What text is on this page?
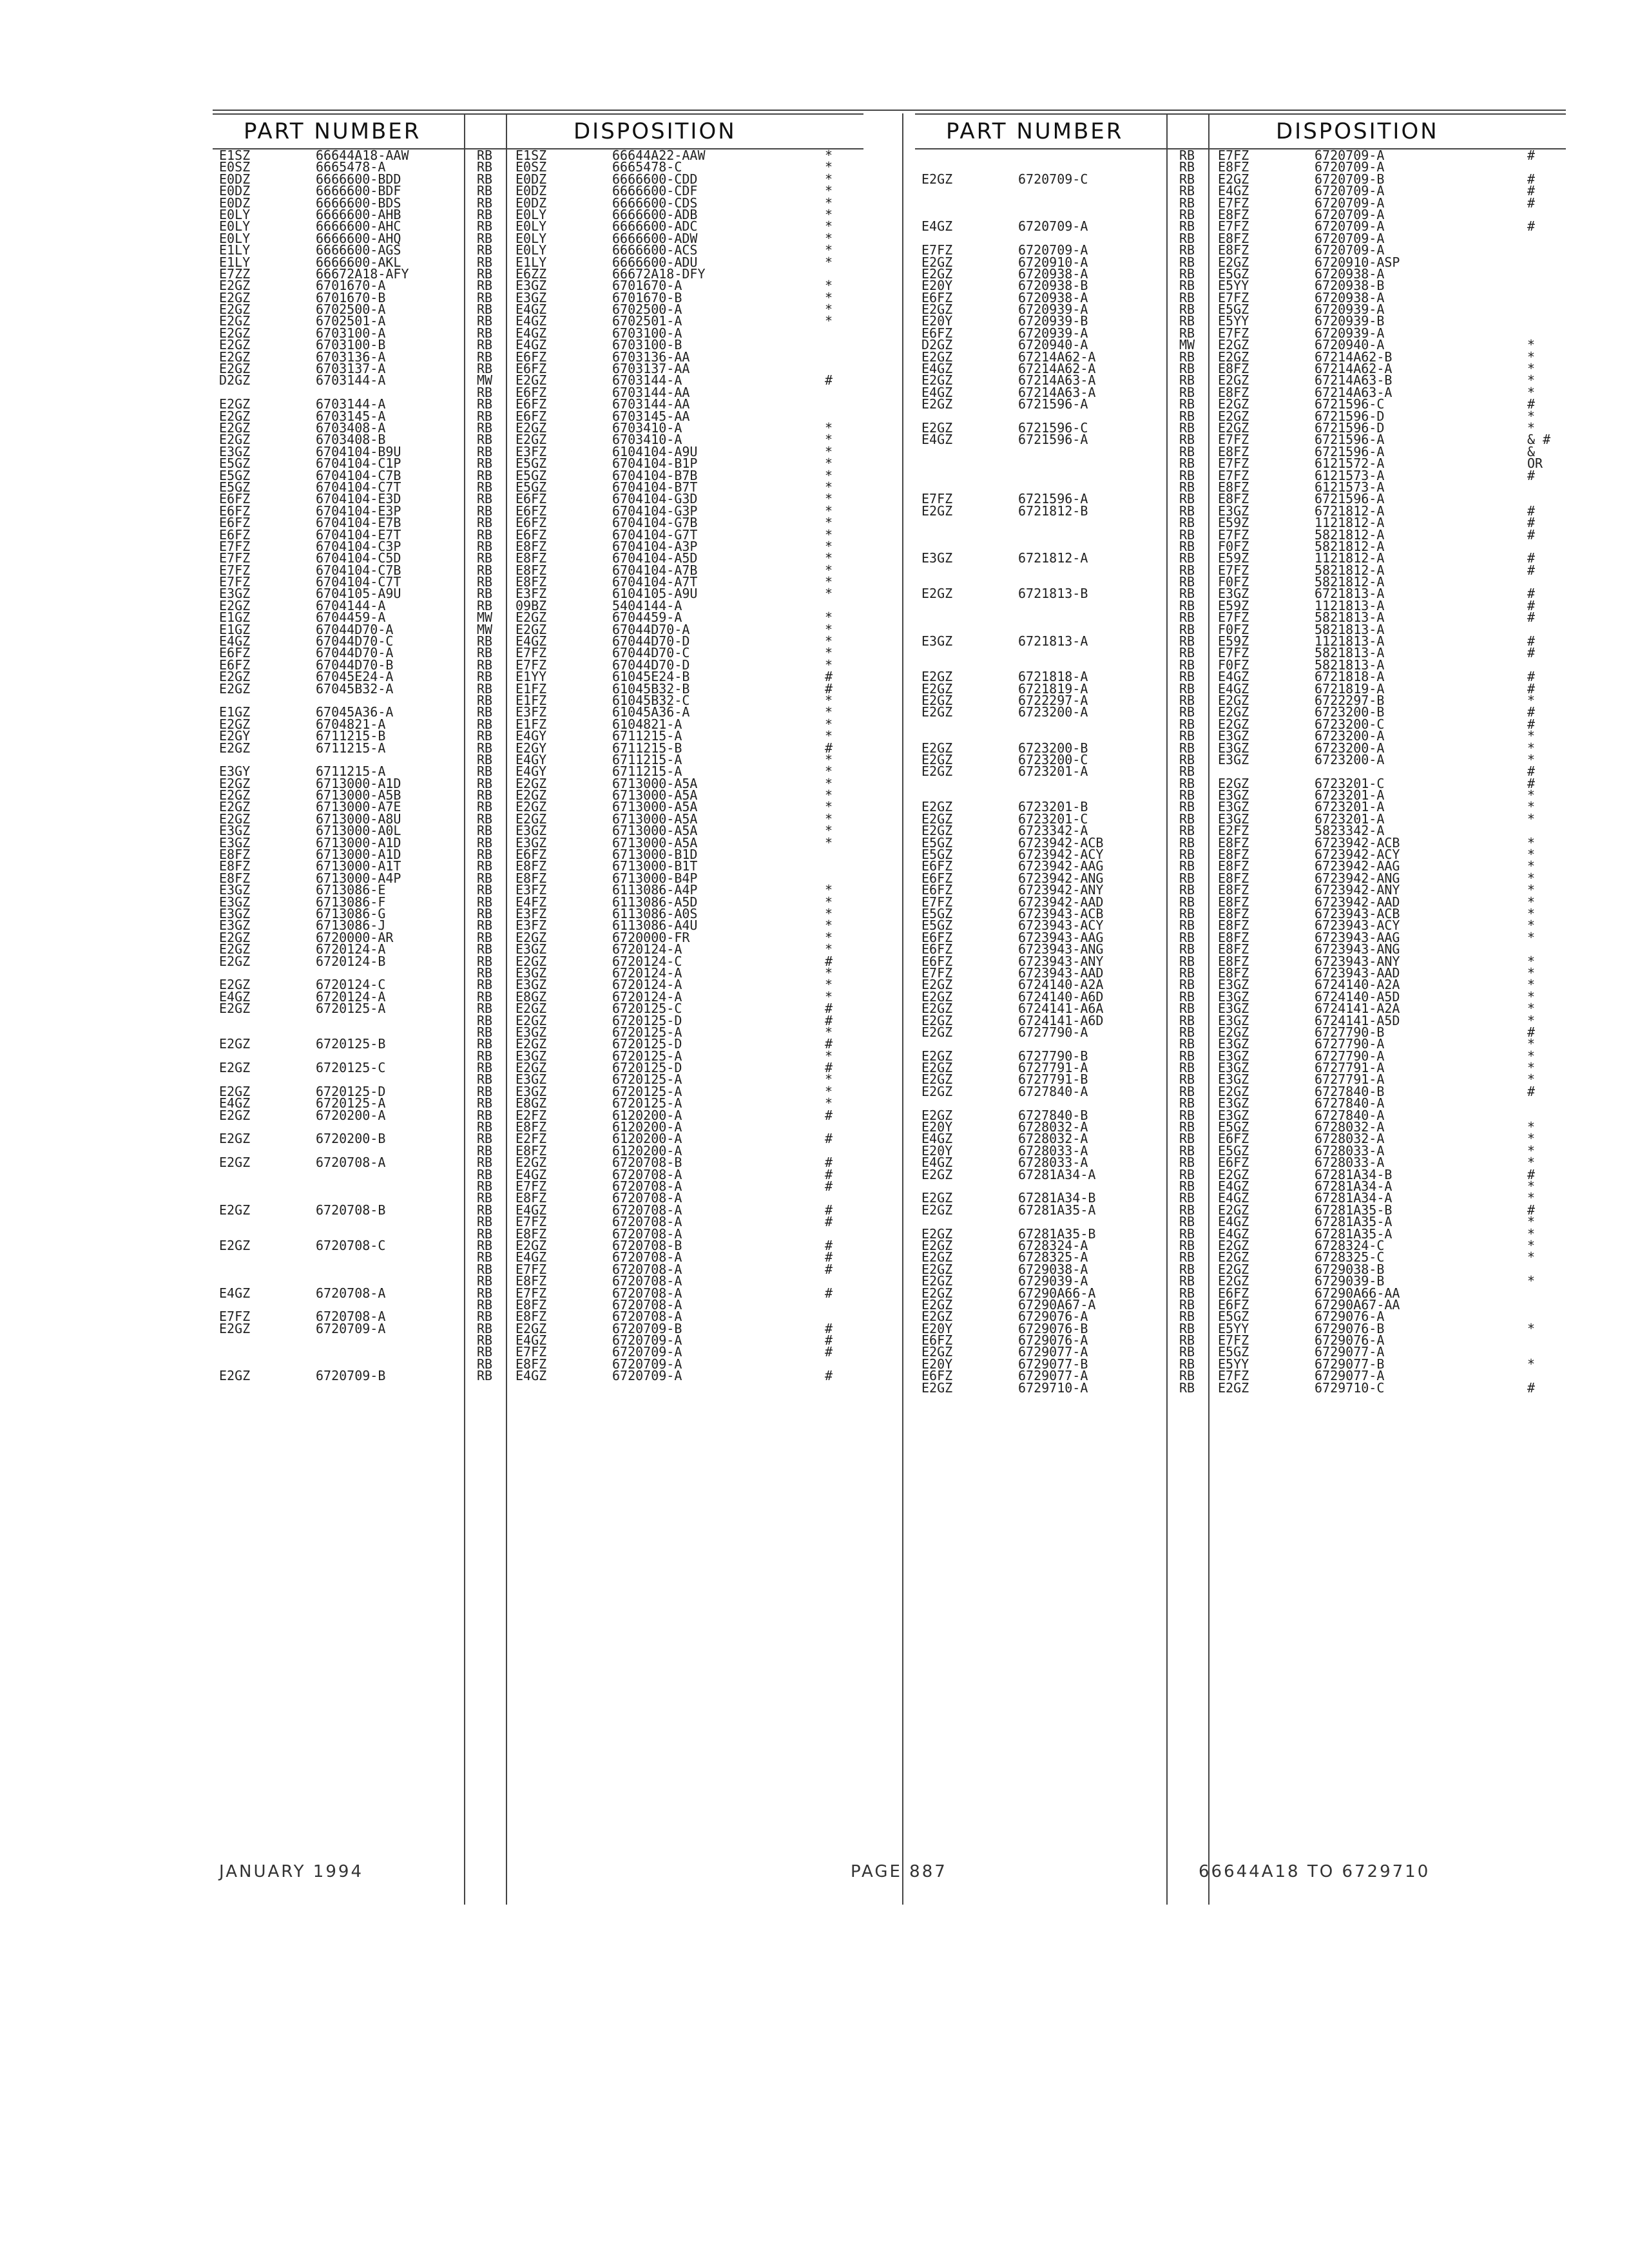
PART NUMBER	DISPOSITION
E1SZ	66644A18-AAW	RB E1SZ	66644A22-AAW	*
E0SZ	6665478-A	RB E0SZ	6665478-C	*
E0DZ	6666600-BDD	RB E0DZ	6666600-CDD	*
E0DZ	6666600-BDF	RB E0DZ	6666600-CDF	*
E0DZ	6666600-BDS	RB E0DZ	6666600-CDS	*
E0LY	6666600-AHB	RB E0LY	6666600-ADB	*
E0LY	6666600-AHC	RB E0LY	6666600-ADC	*
E0LY	6666600-AHQ	RB E0LY	6666600-ADW	*
E1LY	6666600-AGS	RB E0LY	6666600-ACS	*
E1LY	6666600-AKL	RB E1LY	6666600-ADU	*
E7ZZ	66672A18-AFY	RB E6ZZ	66672A18-DFY
E2GZ	6701670-A	RB E3GZ	6701670-A	*
E2GZ	6701670-B	RB E3GZ	6701670-B	*
E2GZ	6702500-A	RB E4GZ	6702500-A	*
E2GZ	6702501-A	RB E4GZ	6702501-A	*
E2GZ	6703100-A	RB E4GZ	6703100-A
E2GZ	6703100-B	RB E4GZ	6703100-B
E2GZ	6703136-A	RB E6FZ	6703136-AA
E2GZ	6703137-A	RB E6FZ	6703137-AA
D2GZ	6703144-A	MW E2GZ	6703144-A	#
RB E6FZ	6703144-AA
E2GZ	6703144-A	RB E6FZ	6703144-AA
E2GZ	6703145-A	RB E6FZ	6703145-AA
E2GZ	6703408-A	RB E2GZ	6703410-A	*
E2GZ	6703408-B	RB E2GZ	6703410-A	*
E3GZ	6704104-B9U	RB E3FZ	6104104-A9U	*
E5GZ	6704104-C1P	RB E5GZ	6704104-B1P	*
E5GZ	6704104-C7B	RB E5GZ	6704104-B7B	*
E5GZ	6704104-C7T	RB E5GZ	6704104-B7T	*
E6FZ	6704104-E3D	RB E6FZ	6704104-G3D	*
E6FZ	6704104-E3P	RB E6FZ	6704104-G3P	*
E6FZ	6704104-E7B	RB E6FZ	6704104-G7B	*
E6FZ	6704104-E7T	RB E6FZ	6704104-G7T	*
E7FZ	6704104-C3P	RB E8FZ	6704104-A3P	*
E7FZ	6704104-C5D	RB E8FZ	6704104-A5D	*
E7FZ	6704104-C7B	RB E8FZ	6704104-A7B	*
E7FZ	6704104-C7T	RB E8FZ	6704104-A7T	*
E3GZ	6704105-A9U	RB E3FZ	6104105-A9U	*
E2GZ	6704144-A	RB 09BZ	5404144-A
E1GZ	6704459-A	MW E2GZ	6704459-A	*
E1GZ	67044D70-A	MW E2GZ	67044D70-A	*
E4GZ	67044D70-C	RB E4GZ	67044D70-D	*
E6FZ	67044D70-A	RB E7FZ	67044D70-C	*
E6FZ	67044D70-B	RB E7FZ	67044D70-D	*
E2GZ	67045E24-A	RB E1YY	61045E24-B	#
E2GZ	67045B32-A	RB E1FZ	61045B32-B	#
RB E1FZ	61045B32-C	*
E1GZ	67045A36-A	RB E3FZ	61045A36-A	*
E2GZ	6704821-A	RB E1FZ	6104821-A	*
E2GY	6711215-B	RB E4GY	6711215-A	*
E2GZ	6711215-A	RB E2GY	6711215-B	#
RB E4GY	6711215-A	*
E3GY	6711215-A	RB E4GY	6711215-A	*
E2GZ	6713000-A1D	RB E2GZ	6713000-A5A	*
E2GZ	6713000-A5B	RB E2GZ	6713000-A5A	*
E2GZ	6713000-A7E	RB E2GZ	6713000-A5A	*
E2GZ	6713000-A8U	RB E2GZ	6713000-A5A	*
E3GZ	6713000-A0L	RB E3GZ	6713000-A5A	*
E3GZ	6713000-A1D	RB E3GZ	6713000-A5A	*
E8FZ	6713000-A1D	RB E6FZ	6713000-B1D
E8FZ	6713000-A1T	RB E8FZ	6713000-B1T
E8FZ	6713000-A4P	RB E8FZ	6713000-B4P
E3GZ	6713086-E	RB E3FZ	6113086-A4P	*
E3GZ	6713086-F	RB E4FZ	6113086-A5D	*
E3GZ	6713086-G	RB E3FZ	6113086-A0S	*
E3GZ	6713086-J	RB E3FZ	6113086-A4U	*
E2GZ	6720000-AR	RB E2GZ	6720000-FR	*
E2GZ	6720124-A	RB E3GZ	6720124-A	*
E2GZ	6720124-B	RB E2GZ	6720124-C	#
RB E3GZ	6720124-A	*
E2GZ	6720124-C	RB E3GZ	6720124-A	*
E4GZ	6720124-A	RB E8GZ	6720124-A	*
E2GZ	6720125-A	RB E2GZ	6720125-C	#
RB E2GZ	6720125-D	#
RB E3GZ	6720125-A	*
E2GZ	6720125-B	RB E2GZ	6720125-D	#
RB E3GZ	6720125-A	*
E2GZ	6720125-C	RB E2GZ	6720125-D	#
RB E3GZ	6720125-A	*
E2GZ	6720125-D	RB E3GZ	6720125-A	*
E4GZ	6720125-A	RB E8GZ	6720125-A	*
E2GZ	6720200-A	RB E2FZ	6120200-A	#
RB E8FZ	6120200-A
E2GZ	6720200-B	RB E2FZ	6120200-A	#
RB E8FZ	6120200-A
E2GZ	6720708-A	RB E2GZ	6720708-B	#
RB E4GZ	6720708-A	#
RB E7FZ	6720708-A	#
RB E8FZ	6720708-A
E2GZ	6720708-B	RB E4GZ	6720708-A	#
RB E7FZ	6720708-A	#
RB E8FZ	6720708-A
E2GZ	6720708-C	RB E2GZ	6720708-B	#
RB E4GZ	6720708-A	#
RB E7FZ	6720708-A	#
RB E8FZ	6720708-A
E4GZ	6720708-A	RB E7FZ	6720708-A	#
RB E8FZ	6720708-A
E7FZ	6720708-A	RB E8FZ	6720708-A
E2GZ	6720709-A	RB E2GZ	6720709-B	#
RB E4GZ	6720709-A	#
RB E7FZ	6720709-A	#
RB E8FZ	6720709-A
E2GZ	6720709-B	RB E4GZ	6720709-A	#
PART NUMBER	DISPOSITION
RB E7FZ	6720709-A	#
RB E8FZ	6720709-A
E2GZ	6720709-C	RB E2GZ	6720709-B	#
RB E4GZ	6720709-A	#
RB E7FZ	6720709-A	#
RB E8FZ	6720709-A
E4GZ	6720709-A	RB E7FZ	6720709-A	#
RB E8FZ	6720709-A
E7FZ	6720709-A	RB E8FZ	6720709-A
E2GZ	6720910-A	RB E2GZ	6720910-ASP
E2GZ	6720938-A	RB E5GZ	6720938-A
E20Y	6720938-B	RB E5YY	6720938-B
E6FZ	6720938-A	RB E7FZ	6720938-A
E2GZ	6720939-A	RB E5GZ	6720939-A
E20Y	6720939-B	RB E5YY	6720939-B
E6FZ	6720939-A	RB E7FZ	6720939-A
D2GZ	6720940-A	MW E2GZ	6720940-A	*
E2GZ	67214A62-A	RB E2GZ	67214A62-B	*
E4GZ	67214A62-A	RB E8FZ	67214A62-A	*
E2GZ	67214A63-A	RB E2GZ	67214A63-B	*
E4GZ	67214A63-A	RB E8FZ	67214A63-A	*
E2GZ	6721596-A	RB E2GZ	6721596-C	#
RB E2GZ	6721596-D	*
E2GZ	6721596-C	RB E2GZ	6721596-D	*
E4GZ	6721596-A	RB E7FZ	6721596-A	& #
RB E8FZ	6721596-A	&
RB E7FZ	6121572-A	OR
RB E7FZ	6121573-A	#
RB E8FZ	6121573-A
E7FZ	6721596-A	RB E8FZ	6721596-A
E2GZ	6721812-B	RB E3GZ	6721812-A	#
RB E59Z	1121812-A	#
RB E7FZ	5821812-A	#
RB F0FZ	5821812-A
E3GZ	6721812-A	RB E59Z	1121812-A	#
RB E7FZ	5821812-A	#
RB F0FZ	5821812-A
E2GZ	6721813-B	RB E3GZ	6721813-A	#
RB E59Z	1121813-A	#
RB E7FZ	5821813-A	#
RB F0FZ	5821813-A
E3GZ	6721813-A	RB E59Z	1121813-A	#
RB E7FZ	5821813-A	#
RB F0FZ	5821813-A
E2GZ	6721818-A	RB E4GZ	6721818-A	#
E2GZ	6721819-A	RB E4GZ	6721819-A	#
E2GZ	6722297-A	RB E2GZ	6722297-B	*
E2GZ	6723200-A	RB E2GZ	6723200-B	#
RB E2GZ	6723200-C	#
RB E3GZ	6723200-A	*
E2GZ	6723200-B	RB E3GZ	6723200-A	*
E2GZ	6723200-C	RB E3GZ	6723200-A	*
E2GZ	6723201-A	RB	#
RB E2GZ	6723201-C	#
RB E3GZ	6723201-A	*
E2GZ	6723201-B	RB E3GZ	6723201-A	*
E2GZ	6723201-C	RB E3GZ	6723201-A	*
E2GZ	6723342-A	RB E2FZ	5823342-A
E5GZ	6723942-ACB	RB E8FZ	6723942-ACB	*
E5GZ	6723942-ACY	RB E8FZ	6723942-ACY	*
E6FZ	6723942-AAG	RB E8FZ	6723942-AAG	*
E6FZ	6723942-ANG	RB E8FZ	6723942-ANG	*
E6FZ	6723942-ANY	RB E8FZ	6723942-ANY	*
E7FZ	6723942-AAD	RB E8FZ	6723942-AAD	*
E5GZ	6723943-ACB	RB E8FZ	6723943-ACB	*
E5GZ	6723943-ACY	RB E8FZ	6723943-ACY	*
E6FZ	6723943-AAG	RB E8FZ	6723943-AAG	*
E6FZ	6723943-ANG	RB E8FZ	6723943-ANG
E6FZ	6723943-ANY	RB E8FZ	6723943-ANY	*
E7FZ	6723943-AAD	RB E8FZ	6723943-AAD	*
E2GZ	6724140-A2A	RB E3GZ	6724140-A2A	*
E2GZ	6724140-A6D	RB E3GZ	6724140-A5D	*
E2GZ	6724141-A6A	RB E3GZ	6724141-A2A	*
E2GZ	6724141-A6D	RB E3GZ	6724141-A5D	*
E2GZ	6727790-A	RB E2GZ	6727790-B	#
RB E3GZ	6727790-A	*
E2GZ	6727790-B	RB E3GZ	6727790-A	*
E2GZ	6727791-A	RB E3GZ	6727791-A	*
E2GZ	6727791-B	RB E3GZ	6727791-A	*
E2GZ	6727840-A	RB E2GZ	6727840-B	#
RB E3GZ	6727840-A
E2GZ	6727840-B	RB E3GZ	6727840-A
E20Y	6728032-A	RB E5GZ	6728032-A	*
E4GZ	6728032-A	RB E6FZ	6728032-A	*
E20Y	6728033-A	RB E5GZ	6728033-A	*
E4GZ	6728033-A	RB E6FZ	6728033-A	*
E2GZ	67281A34-A	RB E2GZ	67281A34-B	#
RB E4GZ	67281A34-A	*
E2GZ	67281A34-B	RB E4GZ	67281A34-A	*
E2GZ	67281A35-A	RB E2GZ	67281A35-B	#
RB E4GZ	67281A35-A	*
E2GZ	67281A35-B	RB E4GZ	67281A35-A	*
E2GZ	6728324-A	RB E2GZ	6728324-C	*
E2GZ	6728325-A	RB E2GZ	6728325-C	*
E2GZ	6729038-A	RB E2GZ	6729038-B
E2GZ	6729039-A	RB E2GZ	6729039-B	*
E2GZ	67290A66-A	RB E6FZ	67290A66-AA
E2GZ	67290A67-A	RB E6FZ	67290A67-AA
E2GZ	6729076-A	RB E5GZ	6729076-A
E20Y	6729076-B	RB E5YY	6729076-B	*
E6FZ	6729076-A	RB E7FZ	6729076-A
E2GZ	6729077-A	RB E5GZ	6729077-A
E20Y	6729077-B	RB E5YY	6729077-B	*
E6FZ	6729077-A	RB E7FZ	6729077-A
E2GZ	6729710-A	RB E2GZ	6729710-C	#
JANUARY 1994	PAGE 887	66644A18 TO 6729710
